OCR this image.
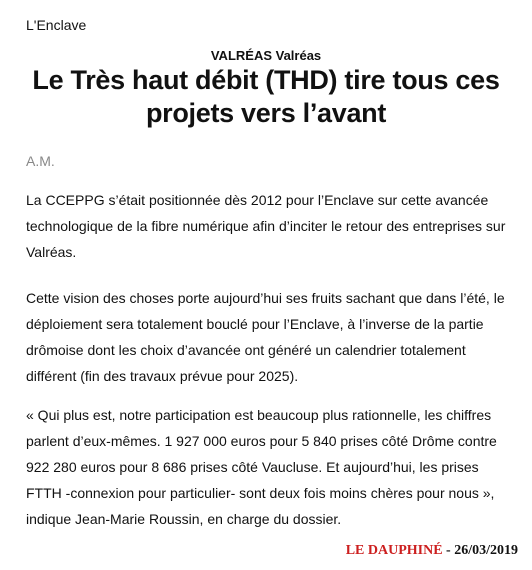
L'Enclave
VALRÉAS Valréas
Le Très haut débit (THD) tire tous ces projets vers l’avant
A.M.

La CCEPPG s’était positionnée dès 2012 pour l’Enclave sur cette avancée technologique de la fibre numérique afin d’inciter le retour des entreprises sur Valréas.

Cette vision des choses porte aujourd’hui ses fruits sachant que dans l’été, le déploiement sera totalement bouclé pour l’Enclave, à l’inverse de la partie drômoise dont les choix d’avancée ont généré un calendrier totalement différent (fin des travaux prévue pour 2025).

« Qui plus est, notre participation est beaucoup plus rationnelle, les chiffres parlent d’eux-mêmes. 1 927 000 euros pour 5 840 prises côté Drôme contre 922 280 euros pour 8 686 prises côté Vaucluse. Et aujourd’hui, les prises FTTH -connexion pour particulier- sont deux fois moins chères pour nous », indique Jean-Marie Roussin, en charge du dossier.

LE DAUPHINÉ - 26/03/2019
